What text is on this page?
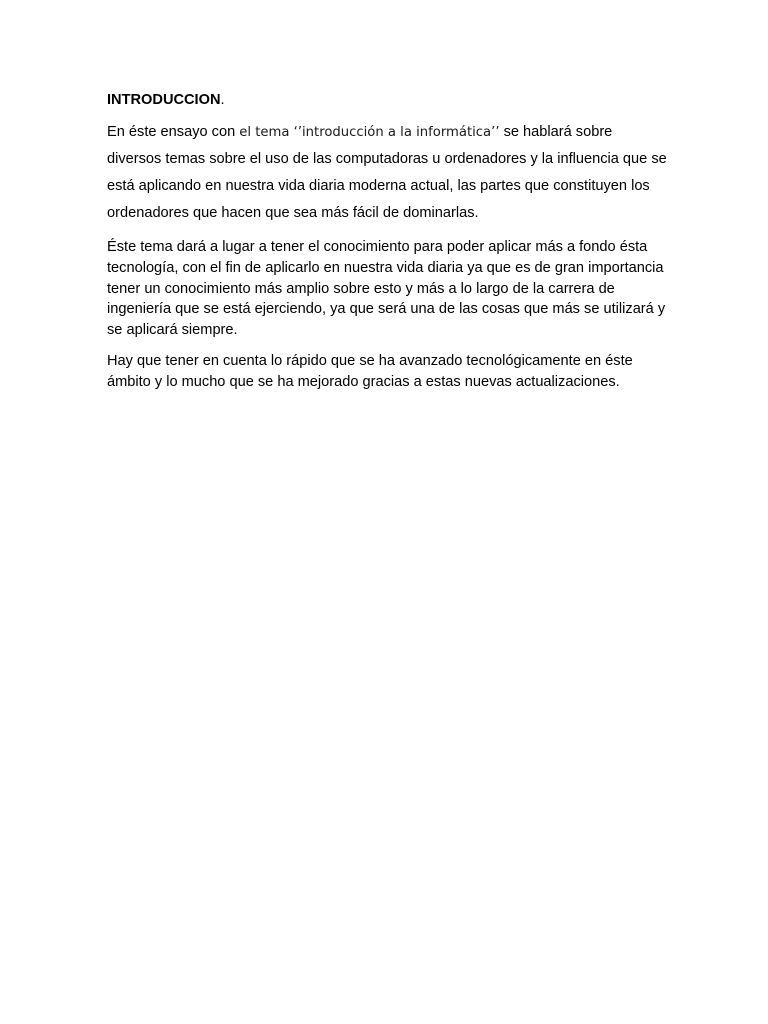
INTRODUCCION.

En éste ensayo con el tema ‘’introducción a la informática’’ se hablará sobre diversos temas sobre el uso de las computadoras u ordenadores y la influencia que se está aplicando en nuestra vida diaria moderna actual, las partes que constituyen los ordenadores que hacen que sea más fácil de dominarlas.

Éste tema dará a lugar a tener el conocimiento para poder aplicar más a fondo ésta tecnología, con el fin de aplicarlo en nuestra vida diaria ya que es de gran importancia tener un conocimiento más amplio sobre esto y más a lo largo de la carrera de ingeniería que se está ejerciendo, ya que será una de las cosas que más se utilizará y se aplicará siempre.

Hay que tener en cuenta lo rápido que se ha avanzado tecnológicamente en éste ámbito y lo mucho que se ha mejorado gracias a estas nuevas actualizaciones.
